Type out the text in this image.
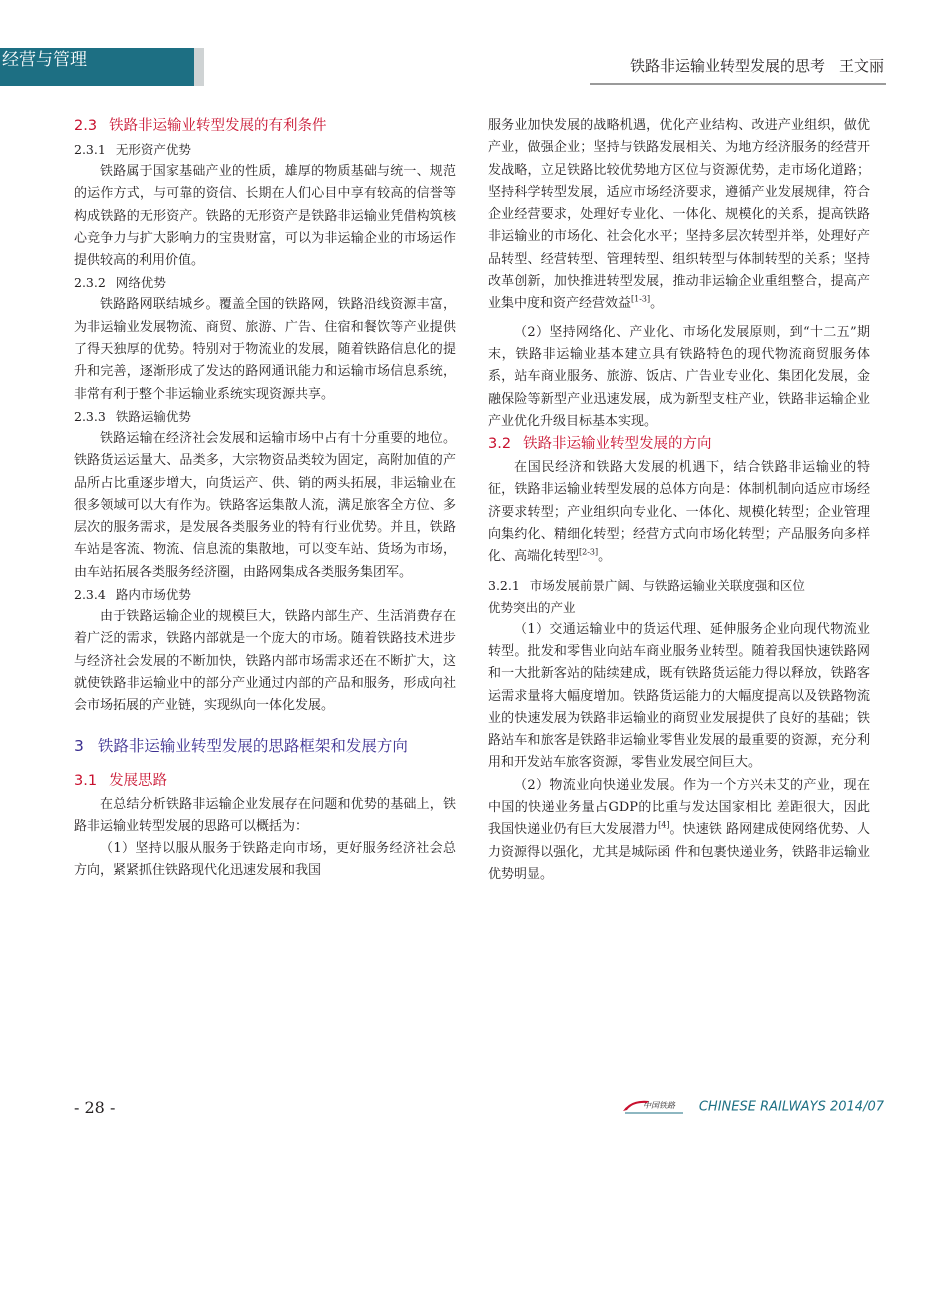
经营与管理	铁路非运输业转型发展的思考 王文丽
2.3 铁路非运输业转型发展的有利条件
2.3.1 无形资产优势

铁路属于国家基础产业的性质，雄厚的物质基础与统一、规范的运作方式，与可靠的资信、长期在人们心目中享有较高的信誉等构成铁路的无形资产。铁路的无形资产是铁路非运输业凭借构筑核心竞争力与扩大影响力的宝贵财富，可以为非运输企业的市场运作提供较高的利用价值。

2.3.2 网络优势

铁路路网联结城乡。覆盖全国的铁路网，铁路沿线资源丰富，为非运输业发展物流、商贸、旅游、广告、住宿和餐饮等产业提供了得天独厚的优势。特别对于物流业的发展，随着铁路信息化的提升和完善，逐渐形成了发达的路网通讯能力和运输市场信息系统，非常有利于整个非运输业系统实现资源共享。

2.3.3 铁路运输优势

铁路运输在经济社会发展和运输市场中占有十分重要的地位。铁路货运运量大、品类多，大宗物资品类较为固定，高附加值的产品所占比重逐步增大，向货运产、供、销的两头拓展，非运输业在很多领域可以大有作为。铁路客运集散人流，满足旅客全方位、多层次的服务需求，是发展各类服务业的特有行业优势。并且，铁路车站是客流、物流、信息流的集散地，可以变车站、货场为市场，由车站拓展各类服务经济圈，由路网集成各类服务集团军。

2.3.4 路内市场优势

由于铁路运输企业的规模巨大，铁路内部生产、生活消费存在着广泛的需求，铁路内部就是一个庞大的市场。随着铁路技术进步与经济社会发展的不断加快，铁路内部市场需求还在不断扩大，这就使铁路非运输业中的部分产业通过内部的产品和服务，形成向社会市场拓展的产业链，实现纵向一体化发展。

3 铁路非运输业转型发展的思路框架和发展方向
3.1 发展思路

在总结分析铁路非运输企业发展存在问题和优势的基础上，铁路非运输业转型发展的思路可以概括为：

（1）坚持以服从服务于铁路走向市场，更好服务经济社会总方向，紧紧抓住铁路现代化迅速发展和我国

服务业加快发展的战略机遇，优化产业结构、改进产业组织，做优产业，做强企业；坚持与铁路发展相关、为地方经济服务的经营开发战略，立足铁路比较优势地方区位与资源优势，走市场化道路；坚持科学转型发展，适应市场经济要求，遵循产业发展规律，符合企业经营要求，处理好专业化、一体化、规模化的关系，提高铁路非运输业的市场化、社会化水平；坚持多层次转型并举，处理好产品转型、经营转型、管理转型、组织转型与体制转型的关系；坚持改革创新，加快推进转型发展，推动非运输企业重组整合，提高产业集中度和资产经营效益[1-3]。

（2）坚持网络化、产业化、市场化发展原则，到“十二五”期末，铁路非运输业基本建立具有铁路特色的现代物流商贸服务体系，站车商业服务、旅游、饭店、广告业专业化、集团化发展，金融保险等新型产业迅速发展，成为新型支柱产业，铁路非运输企业产业优化升级目标基本实现。

3.2 铁路非运输业转型发展的方向

在国民经济和铁路大发展的机遇下，结合铁路非运输业的特征，铁路非运输业转型发展的总体方向是：体制机制向适应市场经济要求转型；产业组织向专业化、一体化、规模化转型；企业管理向集约化、精细化转型；经营方式向市场化转型；产品服务向多样化、高端化转型[2-3]。

3.2.1 市场发展前景广阔、与铁路运输业关联度强和区位
优势突出的产业

（1）交通运输业中的货运代理、延伸服务企业向现代物流业转型。批发和零售业向站车商业服务业转型。随着我国快速铁路网和一大批新客站的陆续建成，既有铁路货运能力得以释放，铁路客运需求量将大幅度增加。铁路货运能力的大幅度提高以及铁路物流业的快速发展为铁路非运输业的商贸业发展提供了良好的基础；铁路站车和旅客是铁路非运输业零售业发展的最重要的资源，充分利用和开发站车旅客资源，零售业发展空间巨大。

（2）物流业向快递业发展。作为一个方兴未艾的产业，现在中国的快递业务量占GDP的比重与发达国家相比 差距很大，因此我国快递业仍有巨大发展潜力[4]。快速铁 路网建成使网络优势、人力资源得以强化，尤其是城际函 件和包裹快递业务，铁路非运输业优势明显。

- 28 -	中国铁路 CHINESE RAILWAYS 2014/07
